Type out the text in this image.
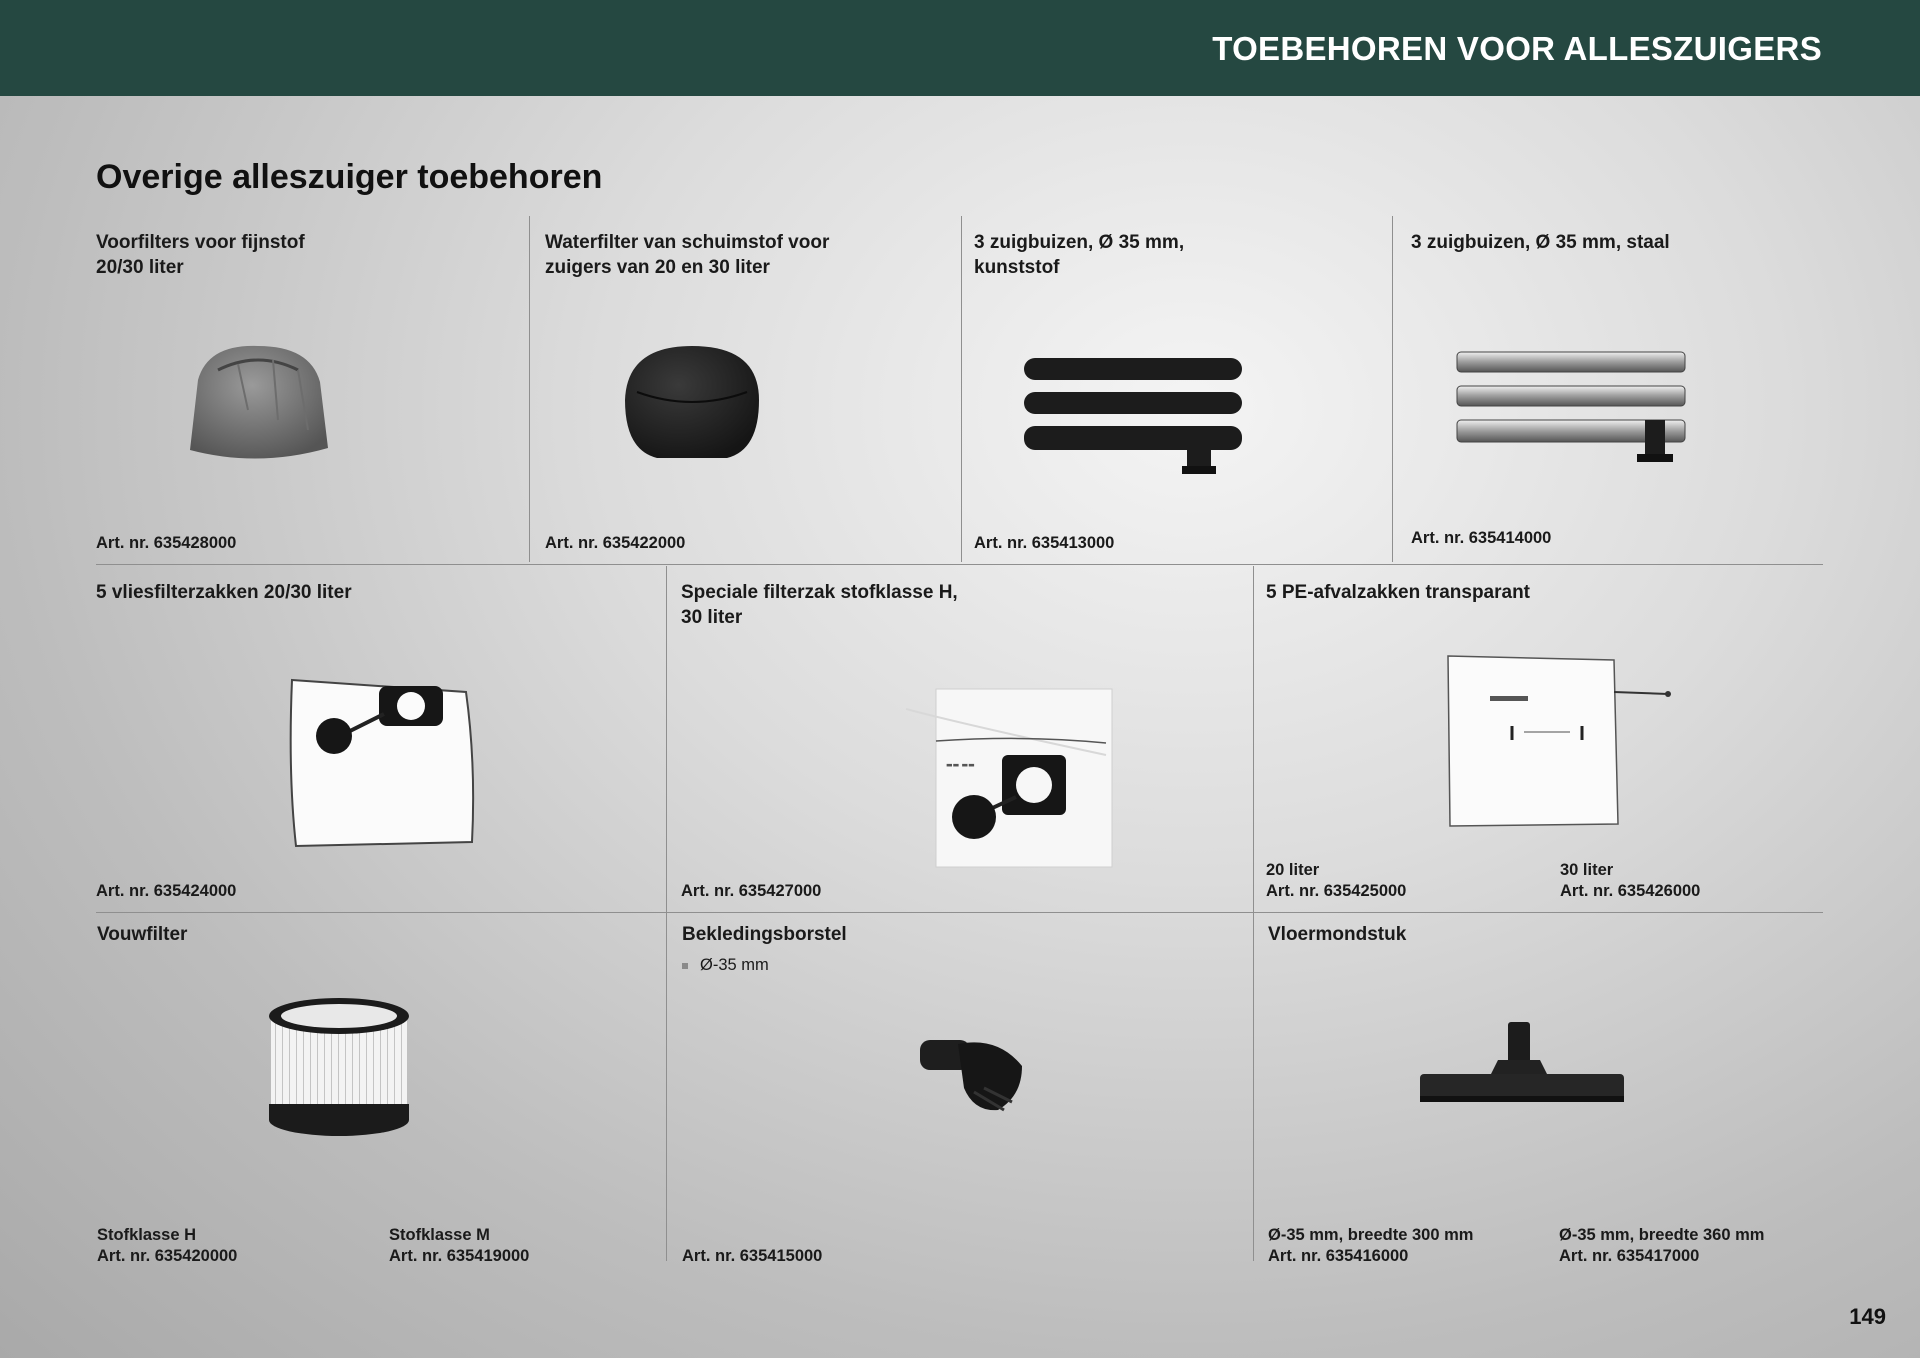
TOEBEHOREN VOOR ALLESZUIGERS
Overige alleszuiger toebehoren
Voorfilters voor fijnstof
20/30 liter
Art. nr. 635428000
Waterfilter van schuimstof voor
zuigers van 20 en 30 liter
Art. nr. 635422000
3 zuigbuizen, Ø 35 mm,
kunststof
Art. nr. 635413000
3 zuigbuizen, Ø 35 mm, staal
Art. nr. 635414000
5 vliesfilterzakken 20/30 liter
Art. nr. 635424000
Speciale filterzak stofklasse H,
30 liter
▬▬ ▬▬
Art. nr. 635427000
5 PE-afvalzakken transparant
20 liter
Art. nr. 635425000
30 liter
Art. nr. 635426000
Vouwfilter
Stofklasse H
Art. nr. 635420000
Stofklasse M
Art. nr. 635419000
Bekledingsborstel
Ø-35 mm
Art. nr. 635415000
Vloermondstuk
Ø-35 mm, breedte 300 mm
Art. nr. 635416000
Ø-35 mm, breedte 360 mm
Art. nr. 635417000
149
